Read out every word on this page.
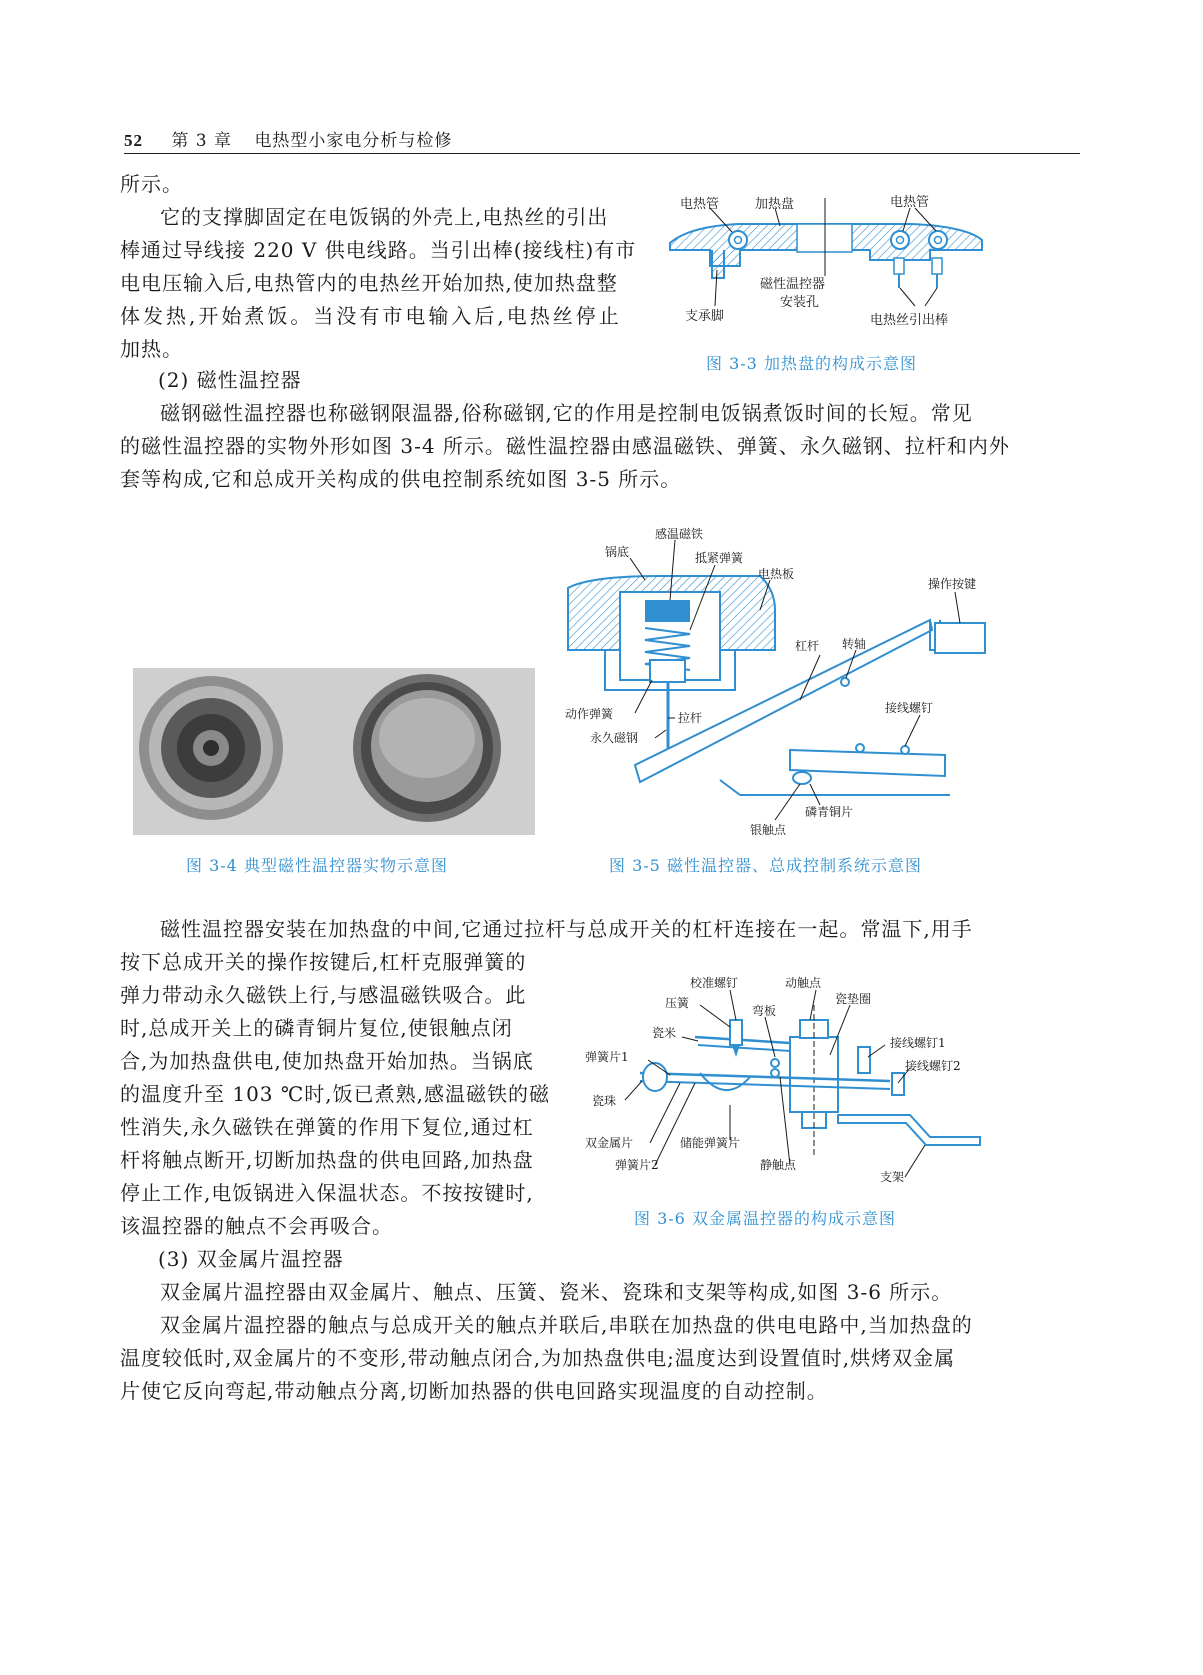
52 第 3 章 电热型小家电分析与检修
所示。
它的支撑脚固定在电饭锅的外壳上,电热丝的引出
棒通过导线接 220 V 供电线路。当引出棒(接线柱)有市
电电压输入后,电热管内的电热丝开始加热,使加热盘整
体发热,开始煮饭。当没有市电输入后,电热丝停止
加热。
(2) 磁性温控器
磁钢磁性温控器也称磁钢限温器,俗称磁钢,它的作用是控制电饭锅煮饭时间的长短。常见
的磁性温控器的实物外形如图 3-4 所示。磁性温控器由感温磁铁、弹簧、永久磁钢、拉杆和内外
套等构成,它和总成开关构成的供电控制系统如图 3-5 所示。
电热管	加热盘	电热管
磁性温控器
安装孔
支承脚	电热丝引出棒
图 3-3 加热盘的构成示意图
图 3-4 典型磁性温控器实物示意图
感温磁铁
锅底	抵紧弹簧
电热板
操作按键
杠杆 转轴
动作弹簧	拉杆
永久磁钢
接线螺钉
磷青铜片
银触点
图 3-5 磁性温控器、总成控制系统示意图
磁性温控器安装在加热盘的中间,它通过拉杆与总成开关的杠杆连接在一起。常温下,用手
按下总成开关的操作按键后,杠杆克服弹簧的
弹力带动永久磁铁上行,与感温磁铁吸合。此
时,总成开关上的磷青铜片复位,使银触点闭
合,为加热盘供电,使加热盘开始加热。当锅底
的温度升至 103 ℃时,饭已煮熟,感温磁铁的磁
性消失,永久磁铁在弹簧的作用下复位,通过杠
杆将触点断开,切断加热盘的供电回路,加热盘
停止工作,电饭锅进入保温状态。不按按键时,
该温控器的触点不会再吸合。
(3) 双金属片温控器
双金属片温控器由双金属片、触点、压簧、瓷米、瓷珠和支架等构成,如图 3-6 所示。
双金属片温控器的触点与总成开关的触点并联后,串联在加热盘的供电电路中,当加热盘的
温度较低时,双金属片的不变形,带动触点闭合,为加热盘供电;温度达到设置值时,烘烤双金属
片使它反向弯起,带动触点分离,切断加热器的供电回路实现温度的自动控制。
校准螺钉	动触点
压簧
弯板
瓷垫圈
瓷米
接线螺钉1
弹簧片1
接线螺钉2
瓷珠
双金属片	储能弹簧片
弹簧片2	静触点
支架
图 3-6 双金属温控器的构成示意图
